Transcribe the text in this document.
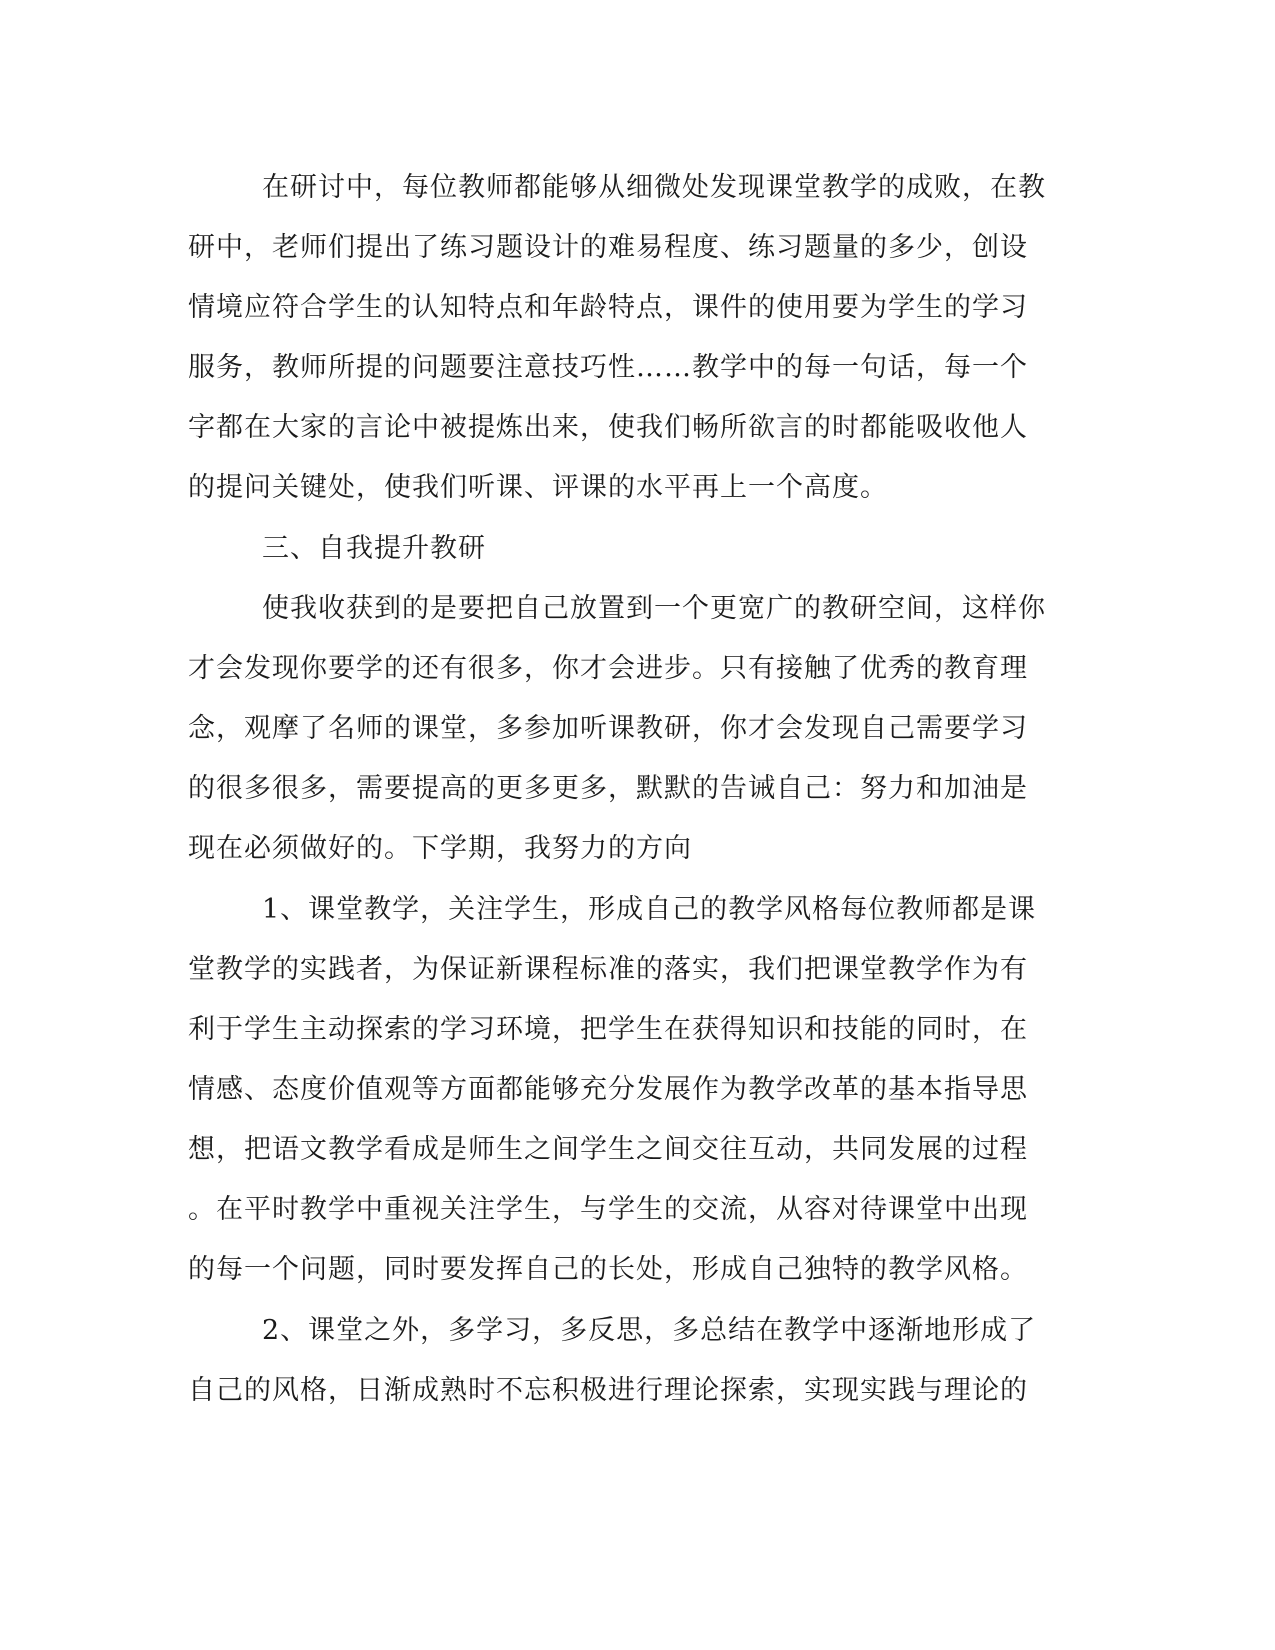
在研讨中，每位教师都能够从细微处发现课堂教学的成败，在教
研中，老师们提出了练习题设计的难易程度、练习题量的多少，创设
情境应符合学生的认知特点和年龄特点，课件的使用要为学生的学习
服务，教师所提的问题要注意技巧性……教学中的每一句话，每一个
字都在大家的言论中被提炼出来，使我们畅所欲言的时都能吸收他人
的提问关键处，使我们听课、评课的水平再上一个高度。
三、自我提升教研
使我收获到的是要把自己放置到一个更宽广的教研空间，这样你
才会发现你要学的还有很多，你才会进步。只有接触了优秀的教育理
念，观摩了名师的课堂，多参加听课教研，你才会发现自己需要学习
的很多很多，需要提高的更多更多，默默的告诫自己：努力和加油是
现在必须做好的。下学期，我努力的方向
1、课堂教学，关注学生，形成自己的教学风格每位教师都是课
堂教学的实践者，为保证新课程标准的落实，我们把课堂教学作为有
利于学生主动探索的学习环境，把学生在获得知识和技能的同时，在
情感、态度价值观等方面都能够充分发展作为教学改革的基本指导思
想，把语文教学看成是师生之间学生之间交往互动，共同发展的过程
。在平时教学中重视关注学生，与学生的交流，从容对待课堂中出现
的每一个问题，同时要发挥自己的长处，形成自己独特的教学风格。
2、课堂之外，多学习，多反思，多总结在教学中逐渐地形成了
自己的风格，日渐成熟时不忘积极进行理论探索，实现实践与理论的
